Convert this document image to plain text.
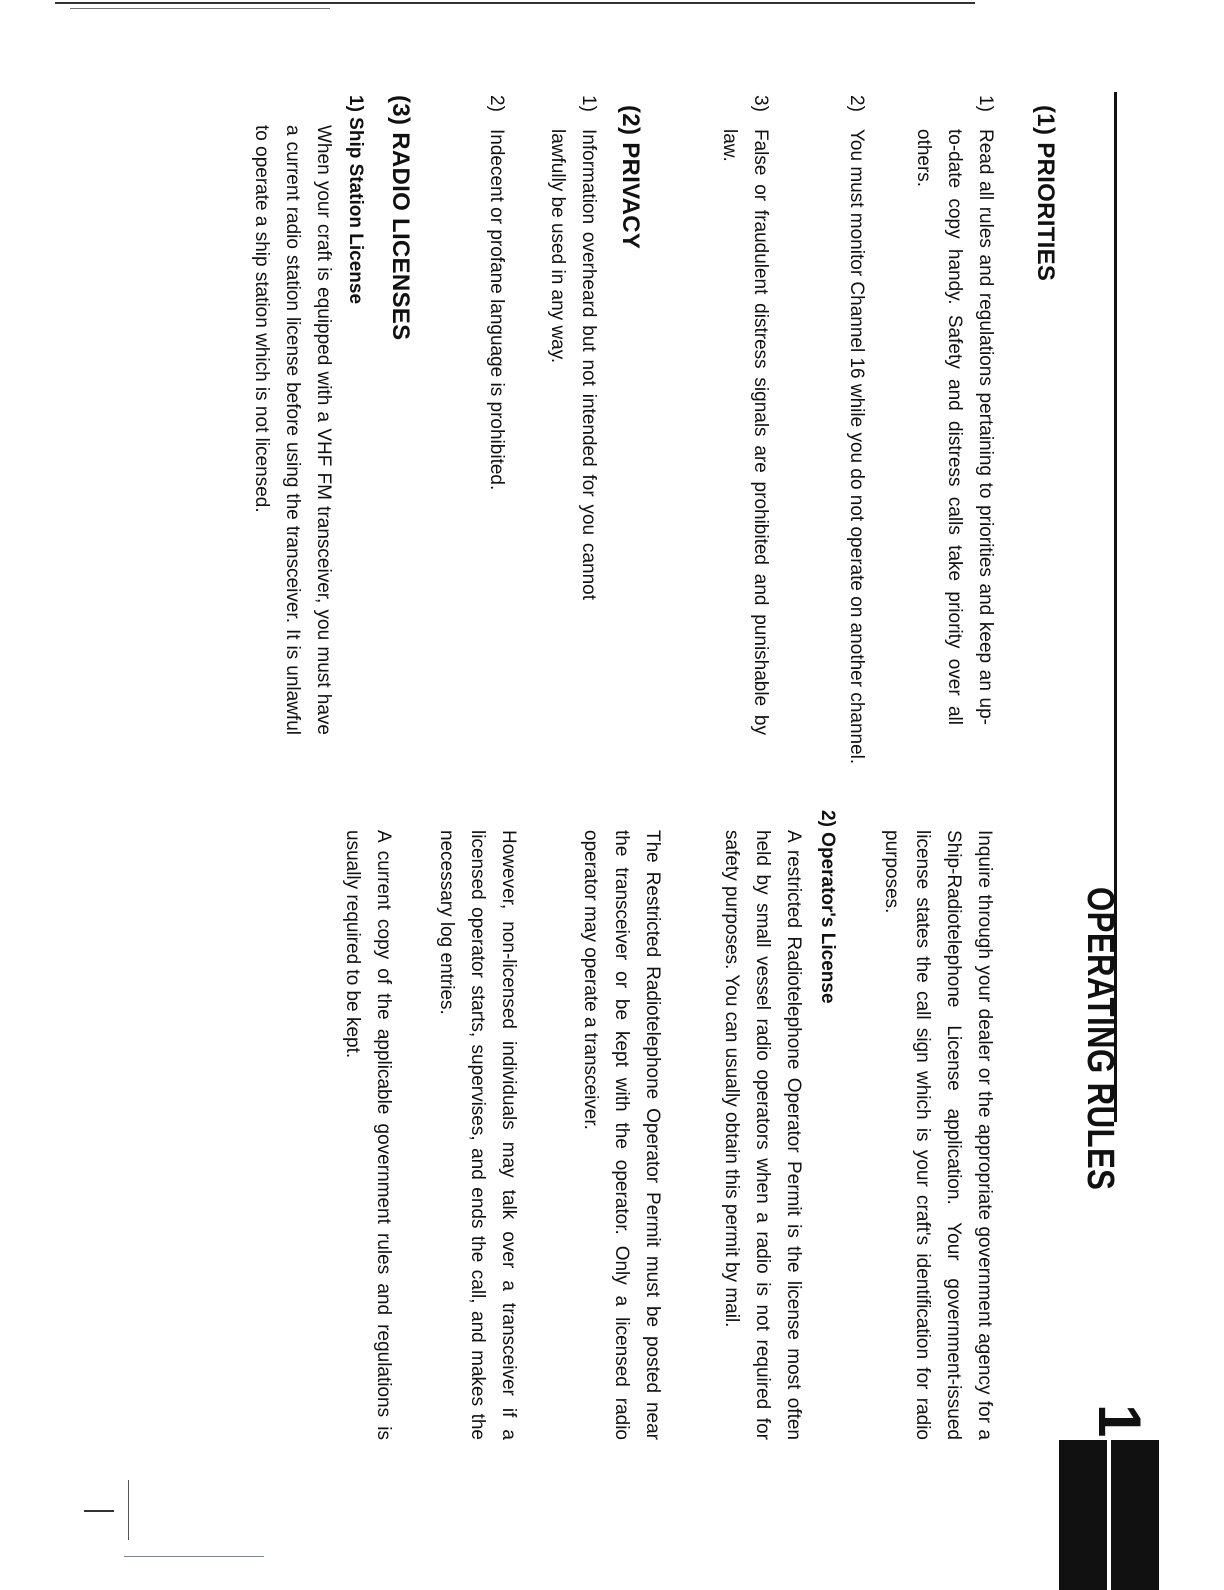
OPERATING RULES
1
(1) PRIORITIES
1)
Read all rules and regulations pertaining to priorities and keep an up-to-date copy handy. Safety and distress calls take priority over all others.
2)
You must monitor Channel 16 while you do not operate on another channel.
3)
False or fraudulent distress signals are prohibited and punishable by law.
(2) PRIVACY
1)
Information overheard but not intended for you cannot lawfully be used in any way.
2)
Indecent or profane language is prohibited.
(3) RADIO LICENSES
1) Ship Station License
When your craft is equipped with a VHF FM transceiver, you must have a current radio station license before using the transceiver. It is unlawful to operate a ship station which is not licensed.
Inquire through your dealer or the appropriate government agency for a Ship-Radiotelephone License application. Your government-issued license states the call sign which is your craft's identification for radio purposes.
2) Operator's License
A restricted Radiotelephone Operator Permit is the license most often held by small vessel radio operators when a radio is not required for safety purposes. You can usually obtain this permit by mail.
The Restricted Radiotelephone Operator Permit must be posted near the transceiver or be kept with the operator. Only a licensed radio operator may operate a transceiver.
However, non-licensed individuals may talk over a transceiver if a licensed operator starts, supervises, and ends the call, and makes the necessary log entries.
A current copy of the applicable government rules and regulations is usually required to be kept.
